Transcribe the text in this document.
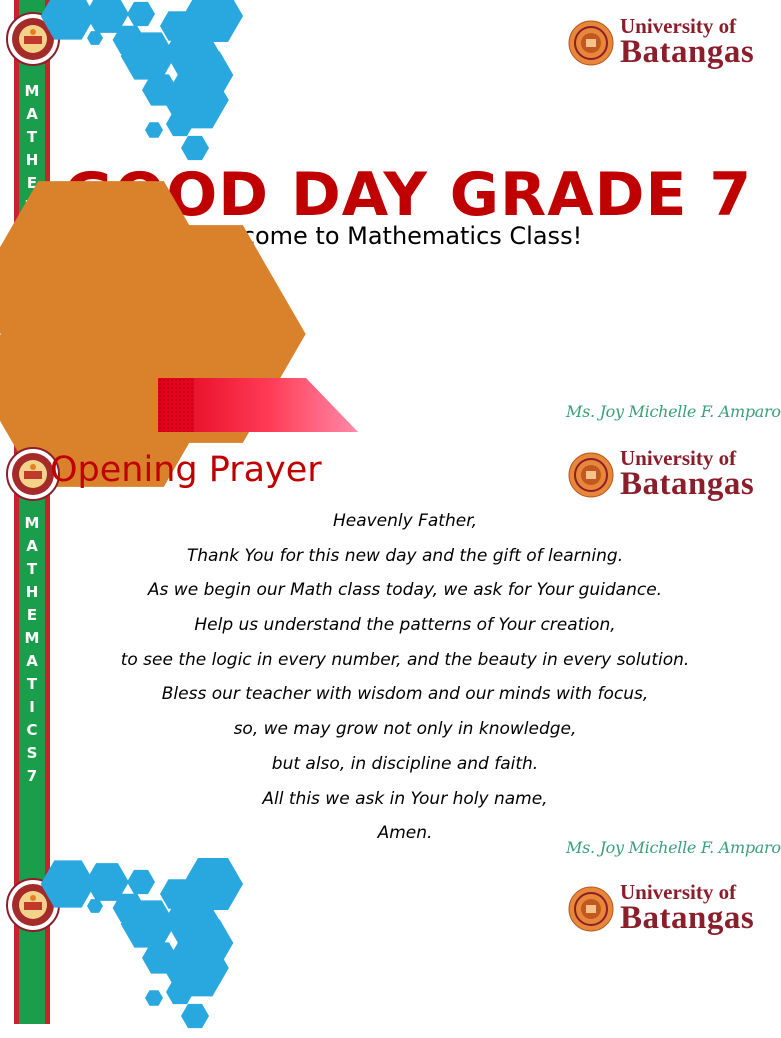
M
A
T
H
E
M
A
T
I
C
S
7
University of
Batangas
GOOD DAY GRADE 7
Welcome to Mathematics Class!
Ms. Joy Michelle F. Amparo
M
A
T
H
E
M
A
T
I
C
S
7
Opening Prayer	University of
Batangas

Heavenly Father,

Thank You for this new day and the gift of learning.

As we begin our Math class today, we ask for Your guidance.

Help us understand the patterns of Your creation,

to see the logic in every number, and the beauty in every solution.

Bless our teacher with wisdom and our minds with focus,

so, we may grow not only in knowledge,

but also, in discipline and faith.

All this we ask in Your holy name,

Amen.

Ms. Joy Michelle F. Amparo
University of
Batangas
